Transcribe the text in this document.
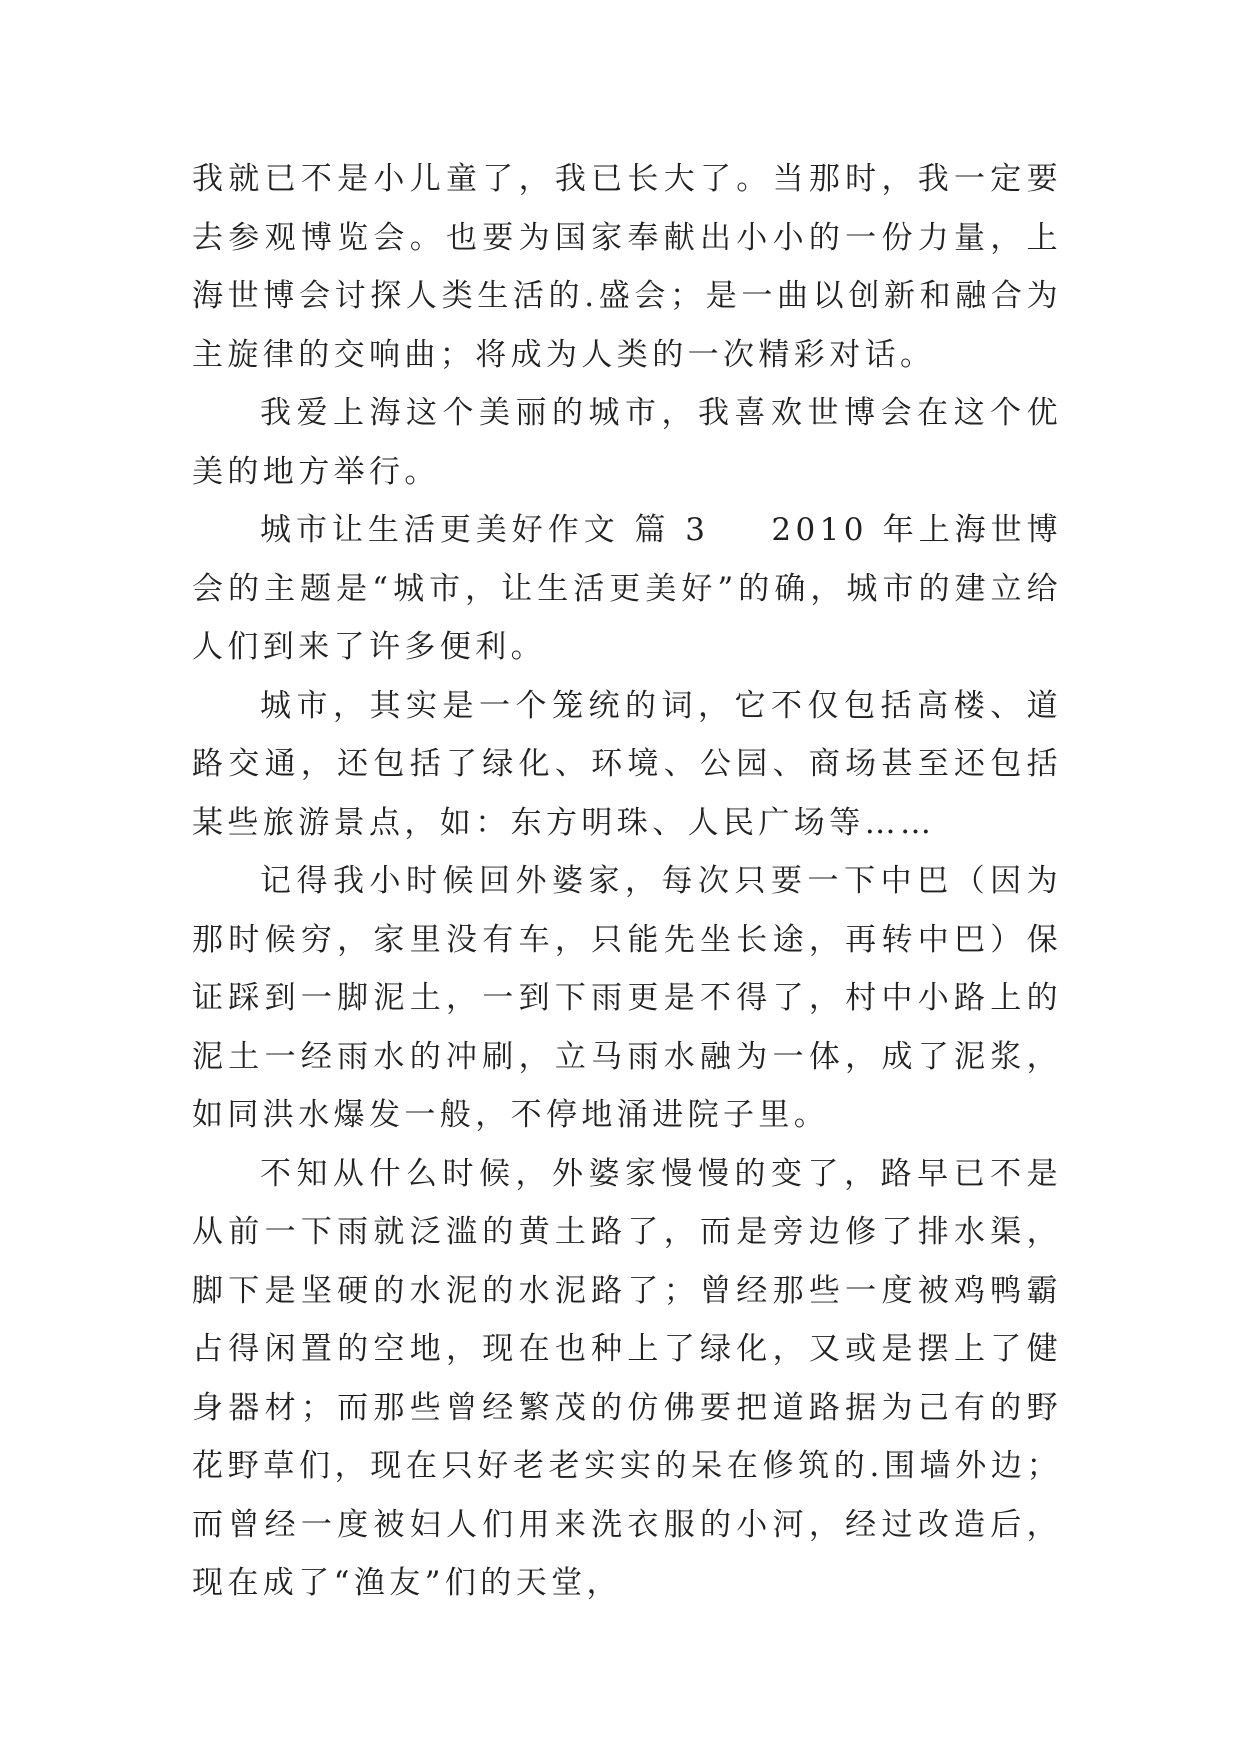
我就已不是小儿童了，我已长大了。当那时，我一定要去参观博览会。也要为国家奉献出小小的一份力量，上海世博会讨探人类生活的.盛会；是一曲以创新和融合为主旋律的交响曲；将成为人类的一次精彩对话。

我爱上海这个美丽的城市，我喜欢世博会在这个优美的地方举行。

城市让生活更美好作文 篇 3 2010 年上海世博会的主题是“城市，让生活更美好”的确，城市的建立给人们到来了许多便利。

城市，其实是一个笼统的词，它不仅包括高楼、道路交通，还包括了绿化、环境、公园、商场甚至还包括某些旅游景点，如：东方明珠、人民广场等……

记得我小时候回外婆家，每次只要一下中巴（因为那时候穷，家里没有车，只能先坐长途，再转中巴）保证踩到一脚泥土，一到下雨更是不得了，村中小路上的泥土一经雨水的冲刷，立马雨水融为一体，成了泥浆，如同洪水爆发一般，不停地涌进院子里。

不知从什么时候，外婆家慢慢的变了，路早已不是从前一下雨就泛滥的黄土路了，而是旁边修了排水渠，脚下是坚硬的水泥的水泥路了；曾经那些一度被鸡鸭霸占得闲置的空地，现在也种上了绿化，又或是摆上了健身器材；而那些曾经繁茂的仿佛要把道路据为己有的野花野草们，现在只好老老实实的呆在修筑的.围墙外边；而曾经一度被妇人们用来洗衣服的小河，经过改造后，现在成了“渔友”们的天堂，
